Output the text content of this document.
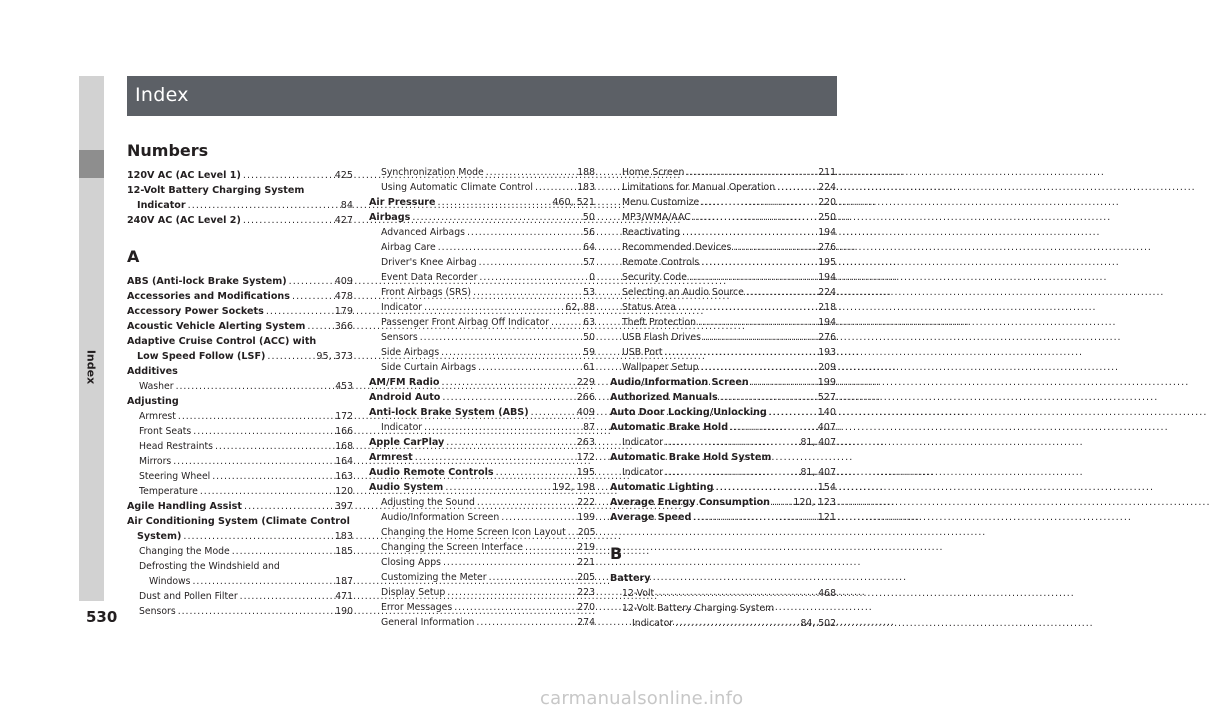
Index
Index
Numbers
120V AC (AC Level 1) . . .	425
12-Volt Battery Charging System
Indicator . . .	84
240V AC (AC Level 2) . . .	427
A
ABS (Anti-lock Brake System) . . .	409
Accessories and Modifications . . .	478
Accessory Power Sockets . . .	179
Acoustic Vehicle Alerting System . . .	366
Adaptive Cruise Control (ACC) with
Low Speed Follow (LSF) . . .	95, 373
Additives
Washer . . .	453
Adjusting
Armrest . . .	172
Front Seats . . .	166
Head Restraints . . .	168
Mirrors . . .	164
Steering Wheel . . .	163
Temperature . . .	120
Agile Handling Assist . . .	397
Air Conditioning System (Climate Control
System) . . .	183
Changing the Mode . . .	185
Defrosting the Windshield and
Windows . . .	187
Dust and Pollen Filter . . .	471
Sensors . . .	190
Synchronization Mode . . .	188
Using Automatic Climate Control . . .	183
Air Pressure . . .	460, 521
Airbags . . .	50
Advanced Airbags . . .	56
Airbag Care . . .	64
Driver's Knee Airbag . . .	57
Event Data Recorder . . .	0
Front Airbags (SRS) . . .	53
Indicator . . .	62, 88
Passenger Front Airbag Off Indicator . . .	63
Sensors . . .	50
Side Airbags . . .	59
Side Curtain Airbags . . .	61
AM/FM Radio . . .	229
Android Auto . . .	266
Anti-lock Brake System (ABS) . . .	409
Indicator . . .	87
Apple CarPlay . . .	263
Armrest . . .	172
Audio Remote Controls . . .	195
Audio System . . .	192, 198
Adjusting the Sound . . .	222
Audio/Information Screen . . .	199
Changing the Home Screen Icon Layout . . . 205
Changing the Screen Interface . . .	219
Closing Apps . . .	221
Customizing the Meter . . .	205
Display Setup . . .	223
Error Messages . . .	270
General Information . . .	274
Home Screen . . .	211
Limitations for Manual Operation . . .	224
Menu Customize . . .	220
MP3/WMA/AAC . . .	250
Reactivating . . .	194
Recommended Devices . . .	276
Remote Controls . . .	195
Security Code . . .	194
Selecting an Audio Source . . .	224
Status Area . . .	218
Theft Protection . . .	194
USB Flash Drives . . .	276
USB Port . . .	193
Wallpaper Setup . . .	209
Audio/Information Screen . . .	199
Authorized Manuals . . .	527
Auto Door Locking/Unlocking . . .	140
Automatic Brake Hold . . .	407
Indicator . . .	81, 407
Automatic Brake Hold System
Indicator . . .	81, 407
Automatic Lighting . . .	154
Average Energy Consumption . . . 120, 123
Average Speed . . .	121
B
Battery
12-Volt . . .	468
12-Volt Battery Charging System
Indicator . . .	84, 502
530
carmanualsonline.info
